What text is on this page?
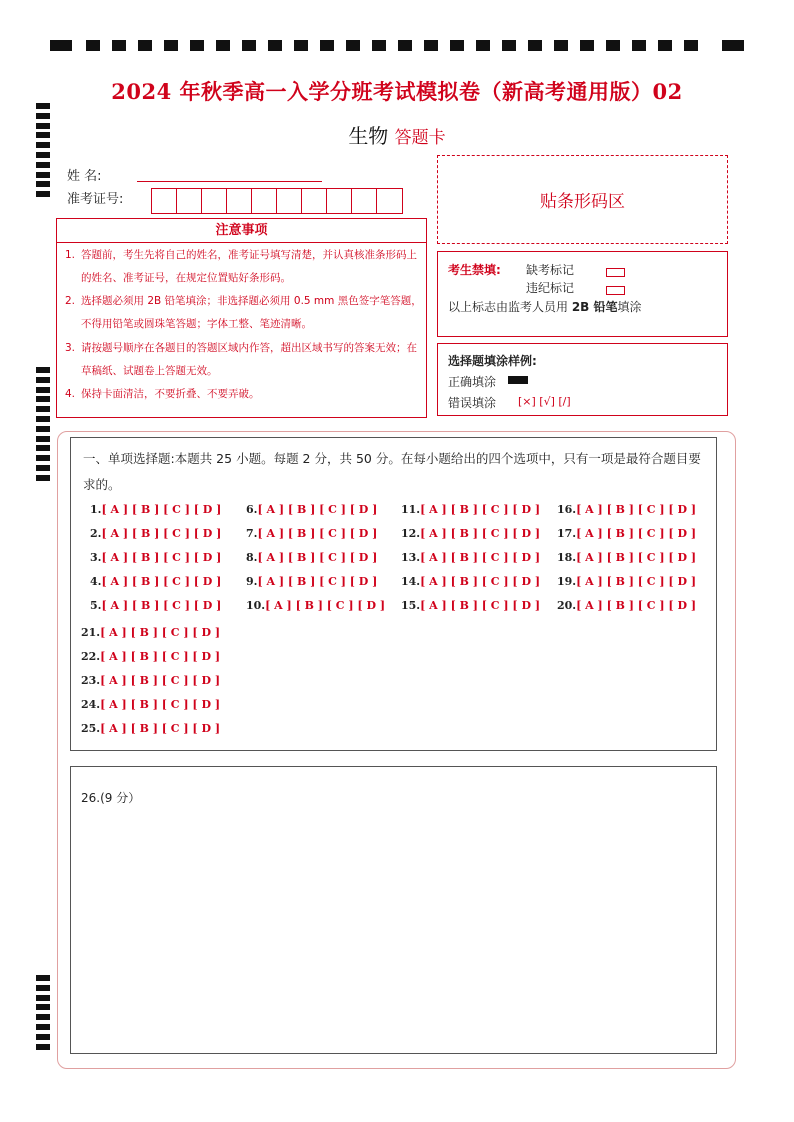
2024 年秋季高一入学分班考试模拟卷（新高考通用版）02
生物 答题卡
姓 名:
准考证号:	贴条形码区
注意事项
1. 答题前，考生先将自己的姓名，准考证号填写清楚，并认真核准条形码上的姓名、准考证号，在规定位置贴好条形码。
2. 选择题必须用 2B 铅笔填涂；非选择题必须用 0.5 mm 黑色签字笔答题，不得用铅笔或圆珠笔答题；字体工整、笔迹清晰。
3. 请按题号顺序在各题目的答题区域内作答，超出区域书写的答案无效；在草稿纸、试题卷上答题无效。
4. 保持卡面清洁，不要折叠、不要弄破。
考生禁填: 缺考标记
违纪标记
以上标志由监考人员用 2B 铅笔填涂
选择题填涂样例:
正确填涂
错误填涂 [×] [√] [/]
一、单项选择题:本题共 25 小题。每题 2 分，共 50 分。在每小题给出的四个选项中，只有一项是最符合题目要求的。
1.[ A ] [ B ] [ C ] [ D ]
2.[ A ] [ B ] [ C ] [ D ]
3.[ A ] [ B ] [ C ] [ D ]
4.[ A ] [ B ] [ C ] [ D ]
5.[ A ] [ B ] [ C ] [ D ]
6.[ A ] [ B ] [ C ] [ D ]
7.[ A ] [ B ] [ C ] [ D ]
8.[ A ] [ B ] [ C ] [ D ]
9.[ A ] [ B ] [ C ] [ D ]
10.[ A ] [ B ] [ C ] [ D ]
11.[ A ] [ B ] [ C ] [ D ]
12.[ A ] [ B ] [ C ] [ D ]
13.[ A ] [ B ] [ C ] [ D ]
14.[ A ] [ B ] [ C ] [ D ]
15.[ A ] [ B ] [ C ] [ D ]
16.[ A ] [ B ] [ C ] [ D ]
17.[ A ] [ B ] [ C ] [ D ]
18.[ A ] [ B ] [ C ] [ D ]
19.[ A ] [ B ] [ C ] [ D ]
20.[ A ] [ B ] [ C ] [ D ]
21.[ A ] [ B ] [ C ] [ D ]
22.[ A ] [ B ] [ C ] [ D ]
23.[ A ] [ B ] [ C ] [ D ]
24.[ A ] [ B ] [ C ] [ D ]
25.[ A ] [ B ] [ C ] [ D ]
26.(9 分）
